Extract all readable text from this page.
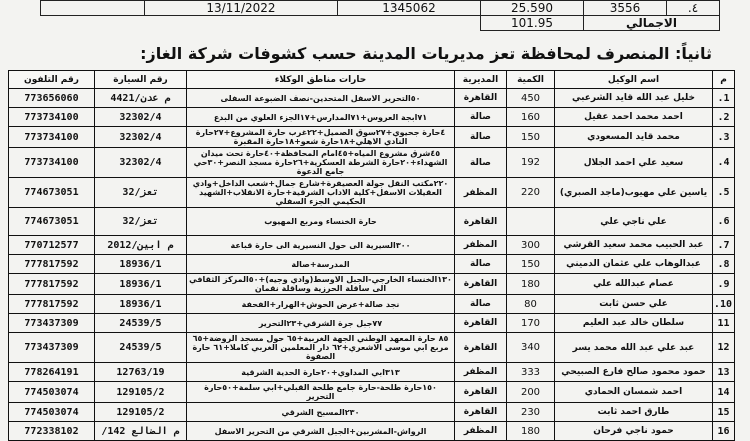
٤.	3556	25.590	1345062	13/11/2022	
الاجمالي		101.95			
ثانياً: المنصرف لمحافظة تعز مديريات المدينة حسب كشوفات شركة الغاز:
م	اسم الوكيل	الكمية	المديرية	حارات مناطق الوكلاء	رقم السيارة	رقم التلفون
1.	خليل عبد الله قايد الشرعبي	450	القاهرة	٥٠التحرير الاسفل المتحدين-نصف الضبوعة السفلى	م عدن/4421	773656060
2.	احمد محمد احمد عقيل	160	صالة	٧١ابجة العروس+٧١المدارس+١٧الجزء العلوي من البدع	32302/4	773734100
3.	محمد قايد المسعودي	150	صالة	٤حارة جحيوي+٢٧سوق الصميل+٢٢غرب حارة المشروع+٢٧حارة النادي الاهلي+١٨حارة شعو+١٨حارة المقبرة	32302/4	773734100
4.	سعيد علي احمد الجلال	192	صالة	٤٥شرق مشروع المياه+٤٥امام المحافظة+٤٠حارة تحت ميدان الشهداء+٢٠حارة الشرطة العسكرية+٢٦حارة مسجد النصر+٣٠حي جامع الدعوة	32302/4	773734100
5.	ياسين علي مهيوب(ماجد الصبري)	220	المظفر	٢٢٠مكتب النقل جولة العصيفرة+شارع جمال+شعب الداخل+وادي العقيلات الاسفل+كلية الاداب الشرقية+حارة الانقلاب+الشهيد الحكيمي الجزء السفلي	تعز/32	774673051
6.	علي ناجي علي		القاهرة	حارة الخنساء ومربع المهيوب	تعز/32	774673051
7.	عبد الحبيب محمد سعيد القرشي	300	المظفر	٣٠٠السيرية الى حول النسيرية الى حارة قباعة	م ابين/2012	770712577
8.	عبدالوهاب علي عثمان الدميني	150	صالة	المدرسة+صالة	18936/1	777817592
9.	عصام عبدالله علي	180	القاهرة	١٣٠الخنساء الخارجي-الجبل الاوسط(وادي وجيه)+٥٠المركز الثقافي الى ساقلة الحرزية وساقلة نقمان	18936/1	777817592
10.	علي حسن ثابت	80	صالة	نجد صالة+عرض الحوش+الهرار+الفحفة	18936/1	777817592
11	سلطان خالد عبد العليم	170	القاهرة	٧٧جبل جرة الشرقي+٢٣التحرير	24539/5	773437309
12	عبد علي عبد الله محمد يسر	340	القاهرة	٨٥ حارة المعهد الوطني الجهة الغربية+٦٥ حول مسجد الروضة+٦٥ مربع ابي موسى الاشعري+٦٢ دار المعلمين الغربي كاملا+٦١ حارة الصفوة	24539/5	773437309
13	حمود محمود صالح فارع الصبيحي	333	المظفر	٣١٣ابي المداوي+٢٠حارة الحدية الشرقية	12763/19	778264191
14	احمد شمسان الحمادي	200	القاهرة	١٥٠حارة طلحة-حارة جامع طلحة القبلي+ابي سلمة+٥٠حارة التحرير	129105/2	774503074
15	طارق احمد ثابت	230	القاهرة	٢٣٠المسبح الشرقي	129105/2	774503074
16	حمود ناجي فرحان	180	المظفر	الرواش-المشربين+الجبل الشرقي من التحرير الاسفل	م الضالع 142/	772338102
